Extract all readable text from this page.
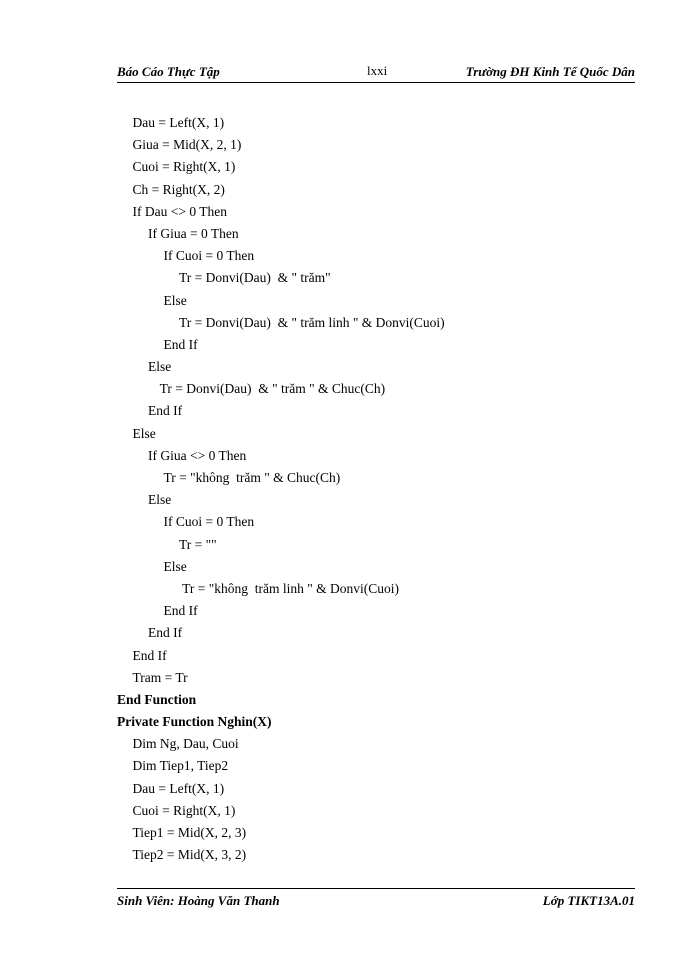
Báo Cáo Thực Tập	lxxi	Trường ĐH Kinh Tế Quốc Dân
Dau = Left(X, 1)
Giua = Mid(X, 2, 1)
Cuoi = Right(X, 1)
Ch = Right(X, 2)
If Dau <> 0 Then
If Giua = 0 Then
If Cuoi = 0 Then
Tr = Donvi(Dau)  & " trăm"
Else
Tr = Donvi(Dau)  & " trăm linh " & Donvi(Cuoi)
End If
Else
Tr = Donvi(Dau)  & " trăm " & Chuc(Ch)
End If
Else
If Giua <> 0 Then
Tr = "không  trăm " & Chuc(Ch)
Else
If Cuoi = 0 Then
Tr = ""
Else
Tr = "không  trăm linh " & Donvi(Cuoi)
End If
End If
End If
Tram = Tr
End Function
Private Function Nghin(X)
Dim Ng, Dau, Cuoi
Dim Tiep1, Tiep2
Dau = Left(X, 1)
Cuoi = Right(X, 1)
Tiep1 = Mid(X, 2, 3)
Tiep2 = Mid(X, 3, 2)
Sinh Viên: Hoàng Văn Thanh	Lớp TIKT13A.01
